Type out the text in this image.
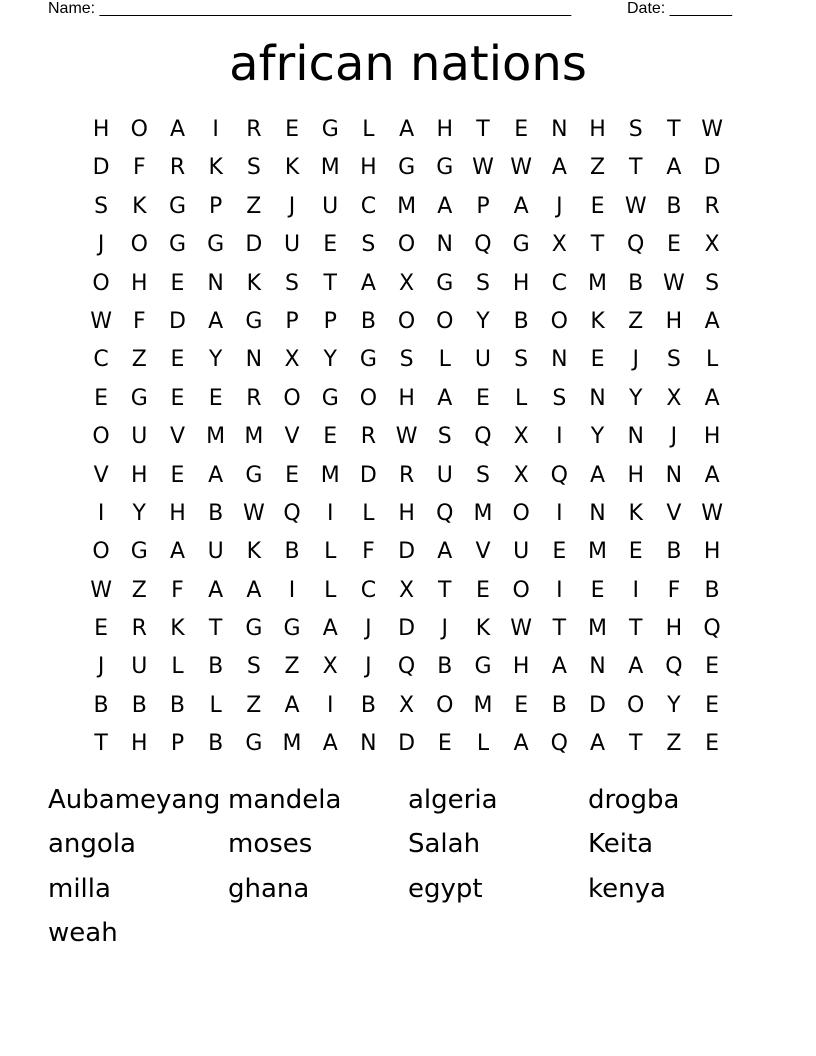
Name: _____________________________________________________	Date: _______
african nations
H O	A	I	R	E	G	L	A	H	T	E	N H	S	T W
D	F	R	K	S	K M H G G W W A	Z	T	A	D
S	K	G	P	Z	J	U	C M A	P	A	J	E W B	R
J	O G G D U	E	S	O N Q G	X	T	Q	E	X
O H	E	N	K	S	T	A	X	G	S	H	C M B W S
W F	D	A	G	P	P	B O O	Y	B O	K	Z	H	A
C	Z	E	Y	N	X	Y	G	S	L	U	S	N	E	J	S	L
E	G	E	E	R O G O H	A	E	L	S	N	Y	X	A
O U	V M M V	E	R W S	Q X	I	Y	N	J	H
V	H	E	A	G	E M D	R	U	S	X Q	A	H N	A
I	Y	H	B W Q	I	L	H Q M O	I	N	K	V W
O G	A	U	K	B	L	F	D	A	V	U	E M E	B	H
W Z	F	A	A	I	L	C	X	T	E	O	I	E	I	F	B
E	R	K	T	G G	A	J	D	J	K W T M T	H Q
J	U	L	B	S	Z	X	J	Q B	G H	A	N	A Q	E
B	B	B	L	Z	A	I	B	X O M E	B	D O	Y	E
T	H	P	B	G M A	N D	E	L	A Q	A	T	Z	E
Aubameyang mandela	algeria	drogba
angola	moses	Salah	Keita
milla	ghana	egypt	kenya
weah
